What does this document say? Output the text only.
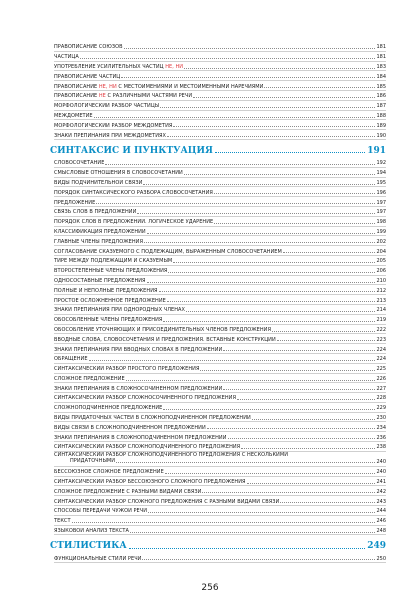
ПРАВОПИСАНИЕ СОЮЗОВ	181
ЧАСТИЦА	181
УПОТРЕБЛЕНИЕ УСИЛИТЕЛЬНЫХ ЧАСТИЦ НЕ, НИ	183
ПРАВОПИСАНИЕ ЧАСТИЦ	184
ПРАВОПИСАНИЕ НЕ, НИ С МЕСТОИМЕНИЯМИ И МЕСТОИМЕННЫМИ НАРЕЧИЯМИ	185
ПРАВОПИСАНИЕ НЕ С РАЗЛИЧНЫМИ ЧАСТЯМИ РЕЧИ	186
МОРФОЛОГИЧЕСКИЙ РАЗБОР ЧАСТИЦЫ	187
МЕЖДОМЕТИЕ	188
МОРФОЛОГИЧЕСКИЙ РАЗБОР МЕЖДОМЕТИЯ	189
ЗНАКИ ПРЕПИНАНИЯ ПРИ МЕЖДОМЕТИЯХ	190
СИНТАКСИС И ПУНКТУАЦИЯ	191
СЛОВОСОЧЕТАНИЕ	192
СМЫСЛОВЫЕ ОТНОШЕНИЯ В СЛОВОСОЧЕТАНИИ	194
ВИДЫ ПОДЧИНИТЕЛЬНОЙ СВЯЗИ	195
ПОРЯДОК СИНТАКСИЧЕСКОГО РАЗБОРА СЛОВОСОЧЕТАНИЯ	196
ПРЕДЛОЖЕНИЕ	197
СВЯЗЬ СЛОВ В ПРЕДЛОЖЕНИИ	197
ПОРЯДОК СЛОВ В ПРЕДЛОЖЕНИИ. ЛОГИЧЕСКОЕ УДАРЕНИЕ	198
КЛАССИФИКАЦИЯ ПРЕДЛОЖЕНИЙ	199
ГЛАВНЫЕ ЧЛЕНЫ ПРЕДЛОЖЕНИЯ	202
СОГЛАСОВАНИЕ СКАЗУЕМОГО С ПОДЛЕЖАЩИМ, ВЫРАЖЕННЫМ СЛОВОСОЧЕТАНИЕМ	204
ТИРЕ МЕЖДУ ПОДЛЕЖАЩИМ И СКАЗУЕМЫМ	205
ВТОРОСТЕПЕННЫЕ ЧЛЕНЫ ПРЕДЛОЖЕНИЯ	206
ОДНОСОСТАВНЫЕ ПРЕДЛОЖЕНИЯ	210
ПОЛНЫЕ И НЕПОЛНЫЕ ПРЕДЛОЖЕНИЯ	212
ПРОСТОЕ ОСЛОЖНЁННОЕ ПРЕДЛОЖЕНИЕ	213
ЗНАКИ ПРЕПИНАНИЯ ПРИ ОДНОРОДНЫХ ЧЛЕНАХ	214
ОБОСОБЛЕННЫЕ ЧЛЕНЫ ПРЕДЛОЖЕНИЯ	219
ОБОСОБЛЕНИЕ УТОЧНЯЮЩИХ И ПРИСОЕДИНИТЕЛЬНЫХ ЧЛЕНОВ ПРЕДЛОЖЕНИЯ	222
ВВОДНЫЕ СЛОВА, СЛОВОСОЧЕТАНИЯ И ПРЕДЛОЖЕНИЯ. ВСТАВНЫЕ КОНСТРУКЦИИ	223
ЗНАКИ ПРЕПИНАНИЯ ПРИ ВВОДНЫХ СЛОВАХ В ПРЕДЛОЖЕНИИ	224
ОБРАЩЕНИЕ	224
СИНТАКСИЧЕСКИЙ РАЗБОР ПРОСТОГО ПРЕДЛОЖЕНИЯ	225
СЛОЖНОЕ ПРЕДЛОЖЕНИЕ	226
ЗНАКИ ПРЕПИНАНИЯ В СЛОЖНОСОЧИНЁННОМ ПРЕДЛОЖЕНИИ	227
СИНТАКСИЧЕСКИЙ РАЗБОР СЛОЖНОСОЧИНЁННОГО ПРЕДЛОЖЕНИЯ	228
СЛОЖНОПОДЧИНЁННОЕ ПРЕДЛОЖЕНИЕ	229
ВИДЫ ПРИДАТОЧНЫХ ЧАСТЕЙ В СЛОЖНОПОДЧИНЁННОМ ПРЕДЛОЖЕНИИ	230
ВИДЫ СВЯЗИ В СЛОЖНОПОДЧИНЁННОМ ПРЕДЛОЖЕНИИ	234
ЗНАКИ ПРЕПИНАНИЯ В СЛОЖНОПОДЧИНЁННОМ ПРЕДЛОЖЕНИИ	236
СИНТАКСИЧЕСКИЙ РАЗБОР СЛОЖНОПОДЧИНЁННОГО ПРЕДЛОЖЕНИЯ	238
СИНТАКСИЧЕСКИЙ РАЗБОР СЛОЖНОПОДЧИНЁННОГО ПРЕДЛОЖЕНИЯ С НЕСКОЛЬКИМИ
ПРИДАТОЧНЫМИ	240
БЕССОЮЗНОЕ СЛОЖНОЕ ПРЕДЛОЖЕНИЕ	240
СИНТАКСИЧЕСКИЙ РАЗБОР БЕССОЮЗНОГО СЛОЖНОГО ПРЕДЛОЖЕНИЯ	241
СЛОЖНОЕ ПРЕДЛОЖЕНИЕ С РАЗНЫМИ ВИДАМИ СВЯЗИ	242
СИНТАКСИЧЕСКИЙ РАЗБОР СЛОЖНОГО ПРЕДЛОЖЕНИЯ С РАЗНЫМИ ВИДАМИ СВЯЗИ	243
СПОСОБЫ ПЕРЕДАЧИ ЧУЖОЙ РЕЧИ	244
ТЕКСТ	246
ЯЗЫКОВОЙ АНАЛИЗ ТЕКСТА	248
СТИЛИСТИКА	249
ФУНКЦИОНАЛЬНЫЕ СТИЛИ РЕЧИ	250
256
